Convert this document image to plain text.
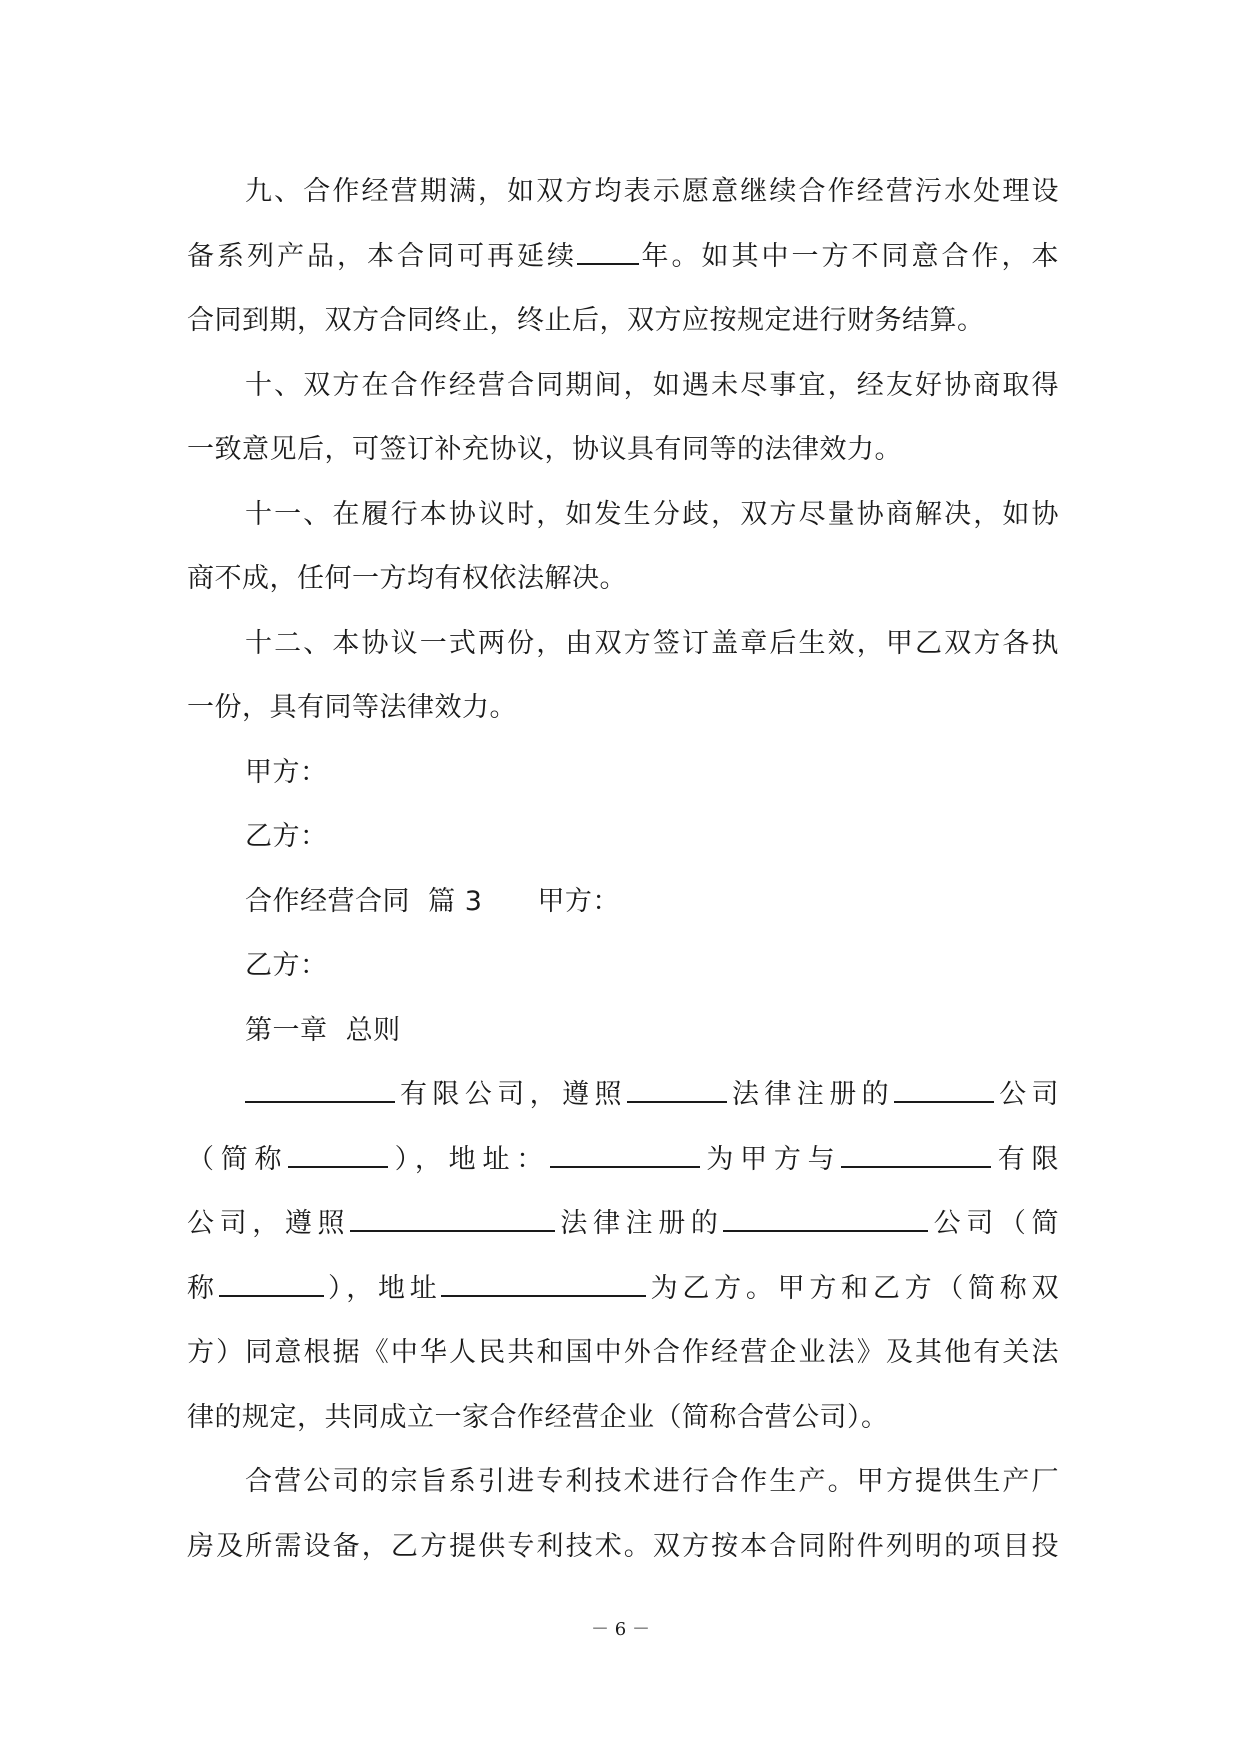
九、合作经营期满，如双方均表示愿意继续合作经营污水处理设
备系列产品，本合同可再延续 年。如其中一方不同意合作，本
合同到期，双方合同终止，终止后，双方应按规定进行财务结算。
十、双方在合作经营合同期间，如遇未尽事宜，经友好协商取得
一致意见后，可签订补充协议，协议具有同等的法律效力。
十一、在履行本协议时，如发生分歧，双方尽量协商解决，如协
商不成，任何一方均有权依法解决。
十二、本协议一式两份，由双方签订盖章后生效，甲乙双方各执
一份，具有同等法律效力。
甲方：
乙方：
合作经营合同  篇 3 甲方：
乙方：
第一章  总则
有限公司，遵照	法律注册的	公司
（简称	），地址：	为甲方与	有限
公司，遵照	法律注册的	公司（简
称	），地址	为乙方。甲方和乙方（简称双
方）同意根据《中华人民共和国中外合作经营企业法》及其他有关法
律的规定，共同成立一家合作经营企业（简称合营公司）。
合营公司的宗旨系引进专利技术进行合作生产。甲方提供生产厂
房及所需设备，乙方提供专利技术。双方按本合同附件列明的项目投
－ 6 －
